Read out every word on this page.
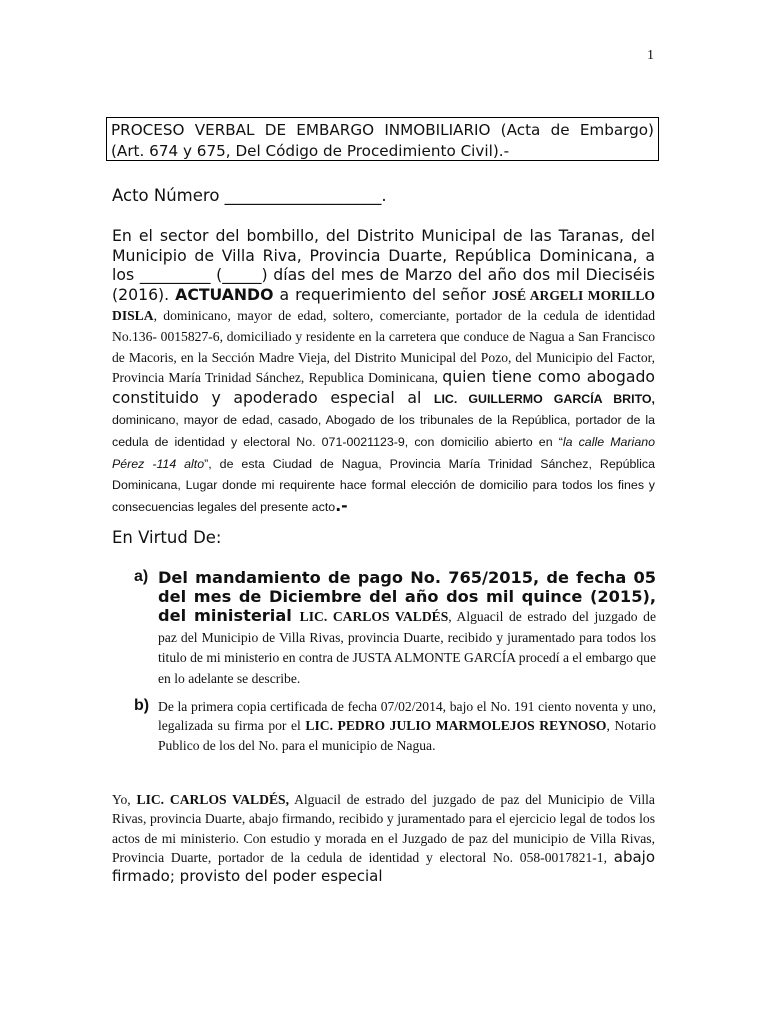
1
PROCESO VERBAL DE EMBARGO INMOBILIARIO (Acta de Embargo) (Art. 674 y 675, Del Código de Procedimiento Civil).-
Acto Número ___________________.
En el sector del bombillo, del Distrito Municipal de las Taranas, del Municipio de Villa Riva, Provincia Duarte, República Dominicana, a los _________ (_____) días del mes de Marzo del año dos mil Dieciséis (2016). ACTUANDO a requerimiento del señor JOSÉ ARGELI MORILLO DISLA, dominicano, mayor de edad, soltero, comerciante, portador de la cedula de identidad No.136- 0015827-6, domiciliado y residente en la carretera que conduce de Nagua a San Francisco de Macoris, en la Sección Madre Vieja, del Distrito Municipal del Pozo, del Municipio del Factor, Provincia María Trinidad Sánchez, Republica Dominicana, quien tiene como abogado constituido y apoderado especial al LIC. GUILLERMO GARCÍA BRITO, dominicano, mayor de edad, casado, Abogado de los tribunales de la República, portador de la cedula de identidad y electoral No. 071-0021123-9, con domicilio abierto en “la calle Mariano Pérez -114 alto”, de esta Ciudad de Nagua, Provincia María Trinidad Sánchez, República Dominicana, Lugar donde mi requirente hace formal elección de domicilio para todos los fines y consecuencias legales del presente acto.-
En Virtud De:
a) Del mandamiento de pago No. 765/2015, de fecha 05 del mes de Diciembre del año dos mil quince (2015), del ministerial LIC. CARLOS VALDÉS, Alguacil de estrado del juzgado de paz del Municipio de Villa Rivas, provincia Duarte, recibido y juramentado para todos los titulo de mi ministerio en contra de JUSTA ALMONTE GARCÍA procedí a el embargo que en lo adelante se describe.
b) De la primera copia certificada de fecha 07/02/2014, bajo el No. 191 ciento noventa y uno, legalizada su firma por el LIC. PEDRO JULIO MARMOLEJOS REYNOSO, Notario Publico de los del No. para el municipio de Nagua.
Yo, LIC. CARLOS VALDÉS, Alguacil de estrado del juzgado de paz del Municipio de Villa Rivas, provincia Duarte, abajo firmando, recibido y juramentado para el ejercicio legal de todos los actos de mi ministerio. Con estudio y morada en el Juzgado de paz del municipio de Villa Rivas, Provincia Duarte, portador de la cedula de identidad y electoral No. 058-0017821-1, abajo firmado; provisto del poder especial
